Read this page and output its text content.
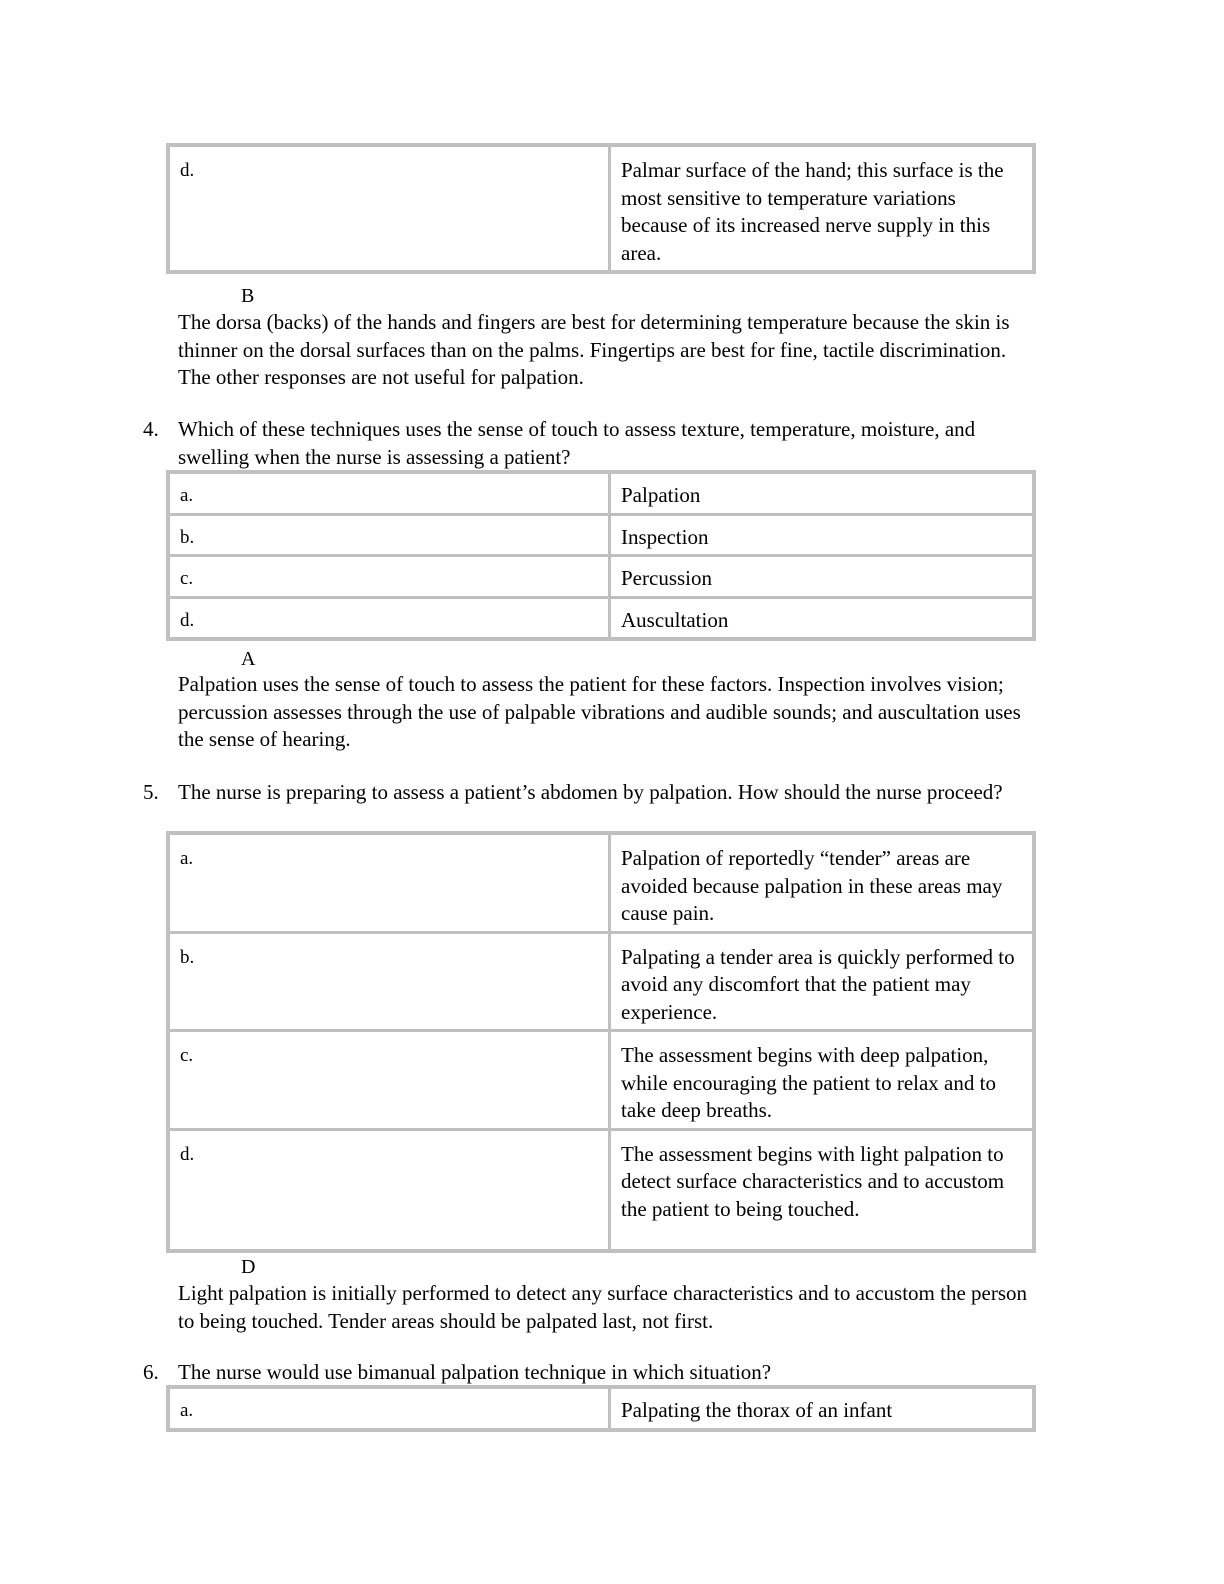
d.	Palmar surface of the hand; this surface is the most sensitive to temperature variations because of its increased nerve supply in this area.
B
The dorsa (backs) of the hands and fingers are best for determining temperature because the skin is thinner on the dorsal surfaces than on the palms. Fingertips are best for fine, tactile discrimination. The other responses are not useful for palpation.
4. Which of these techniques uses the sense of touch to assess texture, temperature, moisture, and swelling when the nurse is assessing a patient?
a.	Palpation
b.	Inspection
c.	Percussion
d.	Auscultation
A
Palpation uses the sense of touch to assess the patient for these factors. Inspection involves vision; percussion assesses through the use of palpable vibrations and audible sounds; and auscultation uses the sense of hearing.
5. The nurse is preparing to assess a patient’s abdomen by palpation. How should the nurse proceed?
a.	Palpation of reportedly “tender” areas are avoided because palpation in these areas may cause pain.
b.	Palpating a tender area is quickly performed to avoid any discomfort that the patient may experience.
c.	The assessment begins with deep palpation, while encouraging the patient to relax and to take deep breaths.
d.	The assessment begins with light palpation to detect surface characteristics and to accustom the patient to being touched.
D
Light palpation is initially performed to detect any surface characteristics and to accustom the person to being touched. Tender areas should be palpated last, not first.
6. The nurse would use bimanual palpation technique in which situation?
a.	Palpating the thorax of an infant
